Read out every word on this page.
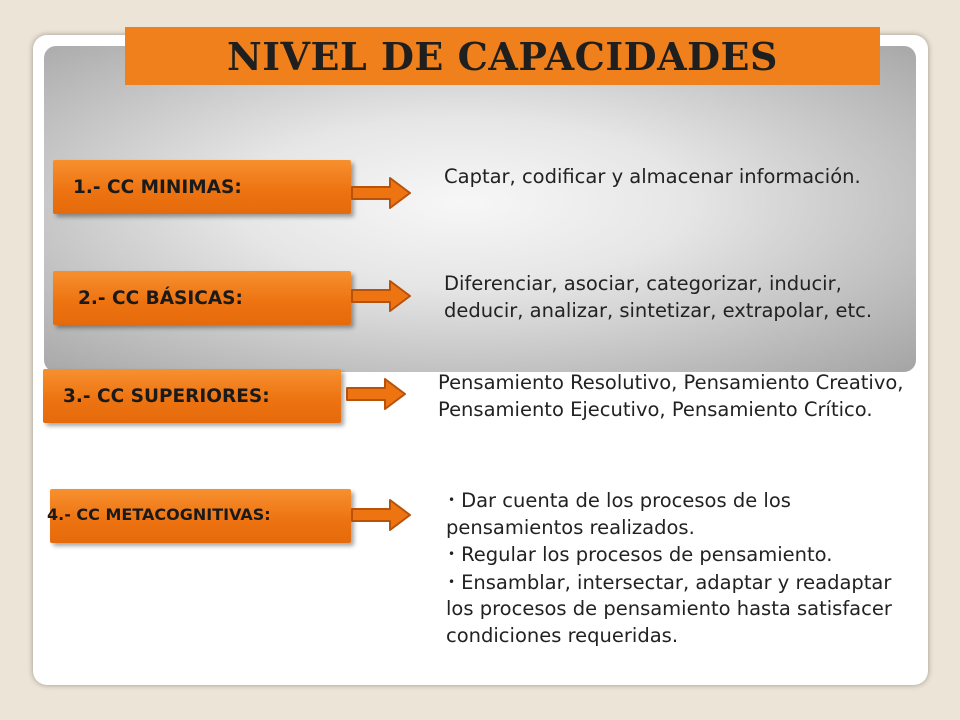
NIVEL DE CAPACIDADES
1.- CC MINIMAS:	Captar, codificar y almacenar información.
2.- CC BÁSICAS:
Diferenciar, asociar, categorizar, inducir, deducir, analizar, sintetizar, extrapolar, etc.
3.- CC SUPERIORES:
Pensamiento Resolutivo, Pensamiento Creativo, Pensamiento Ejecutivo, Pensamiento Crítico.
4.- CC METACOGNITIVAS:
• Dar cuenta de los procesos de los pensamientos realizados.
• Regular los procesos de pensamiento.
• Ensamblar, intersectar, adaptar y readaptar los procesos de pensamiento hasta satisfacer condiciones requeridas.
